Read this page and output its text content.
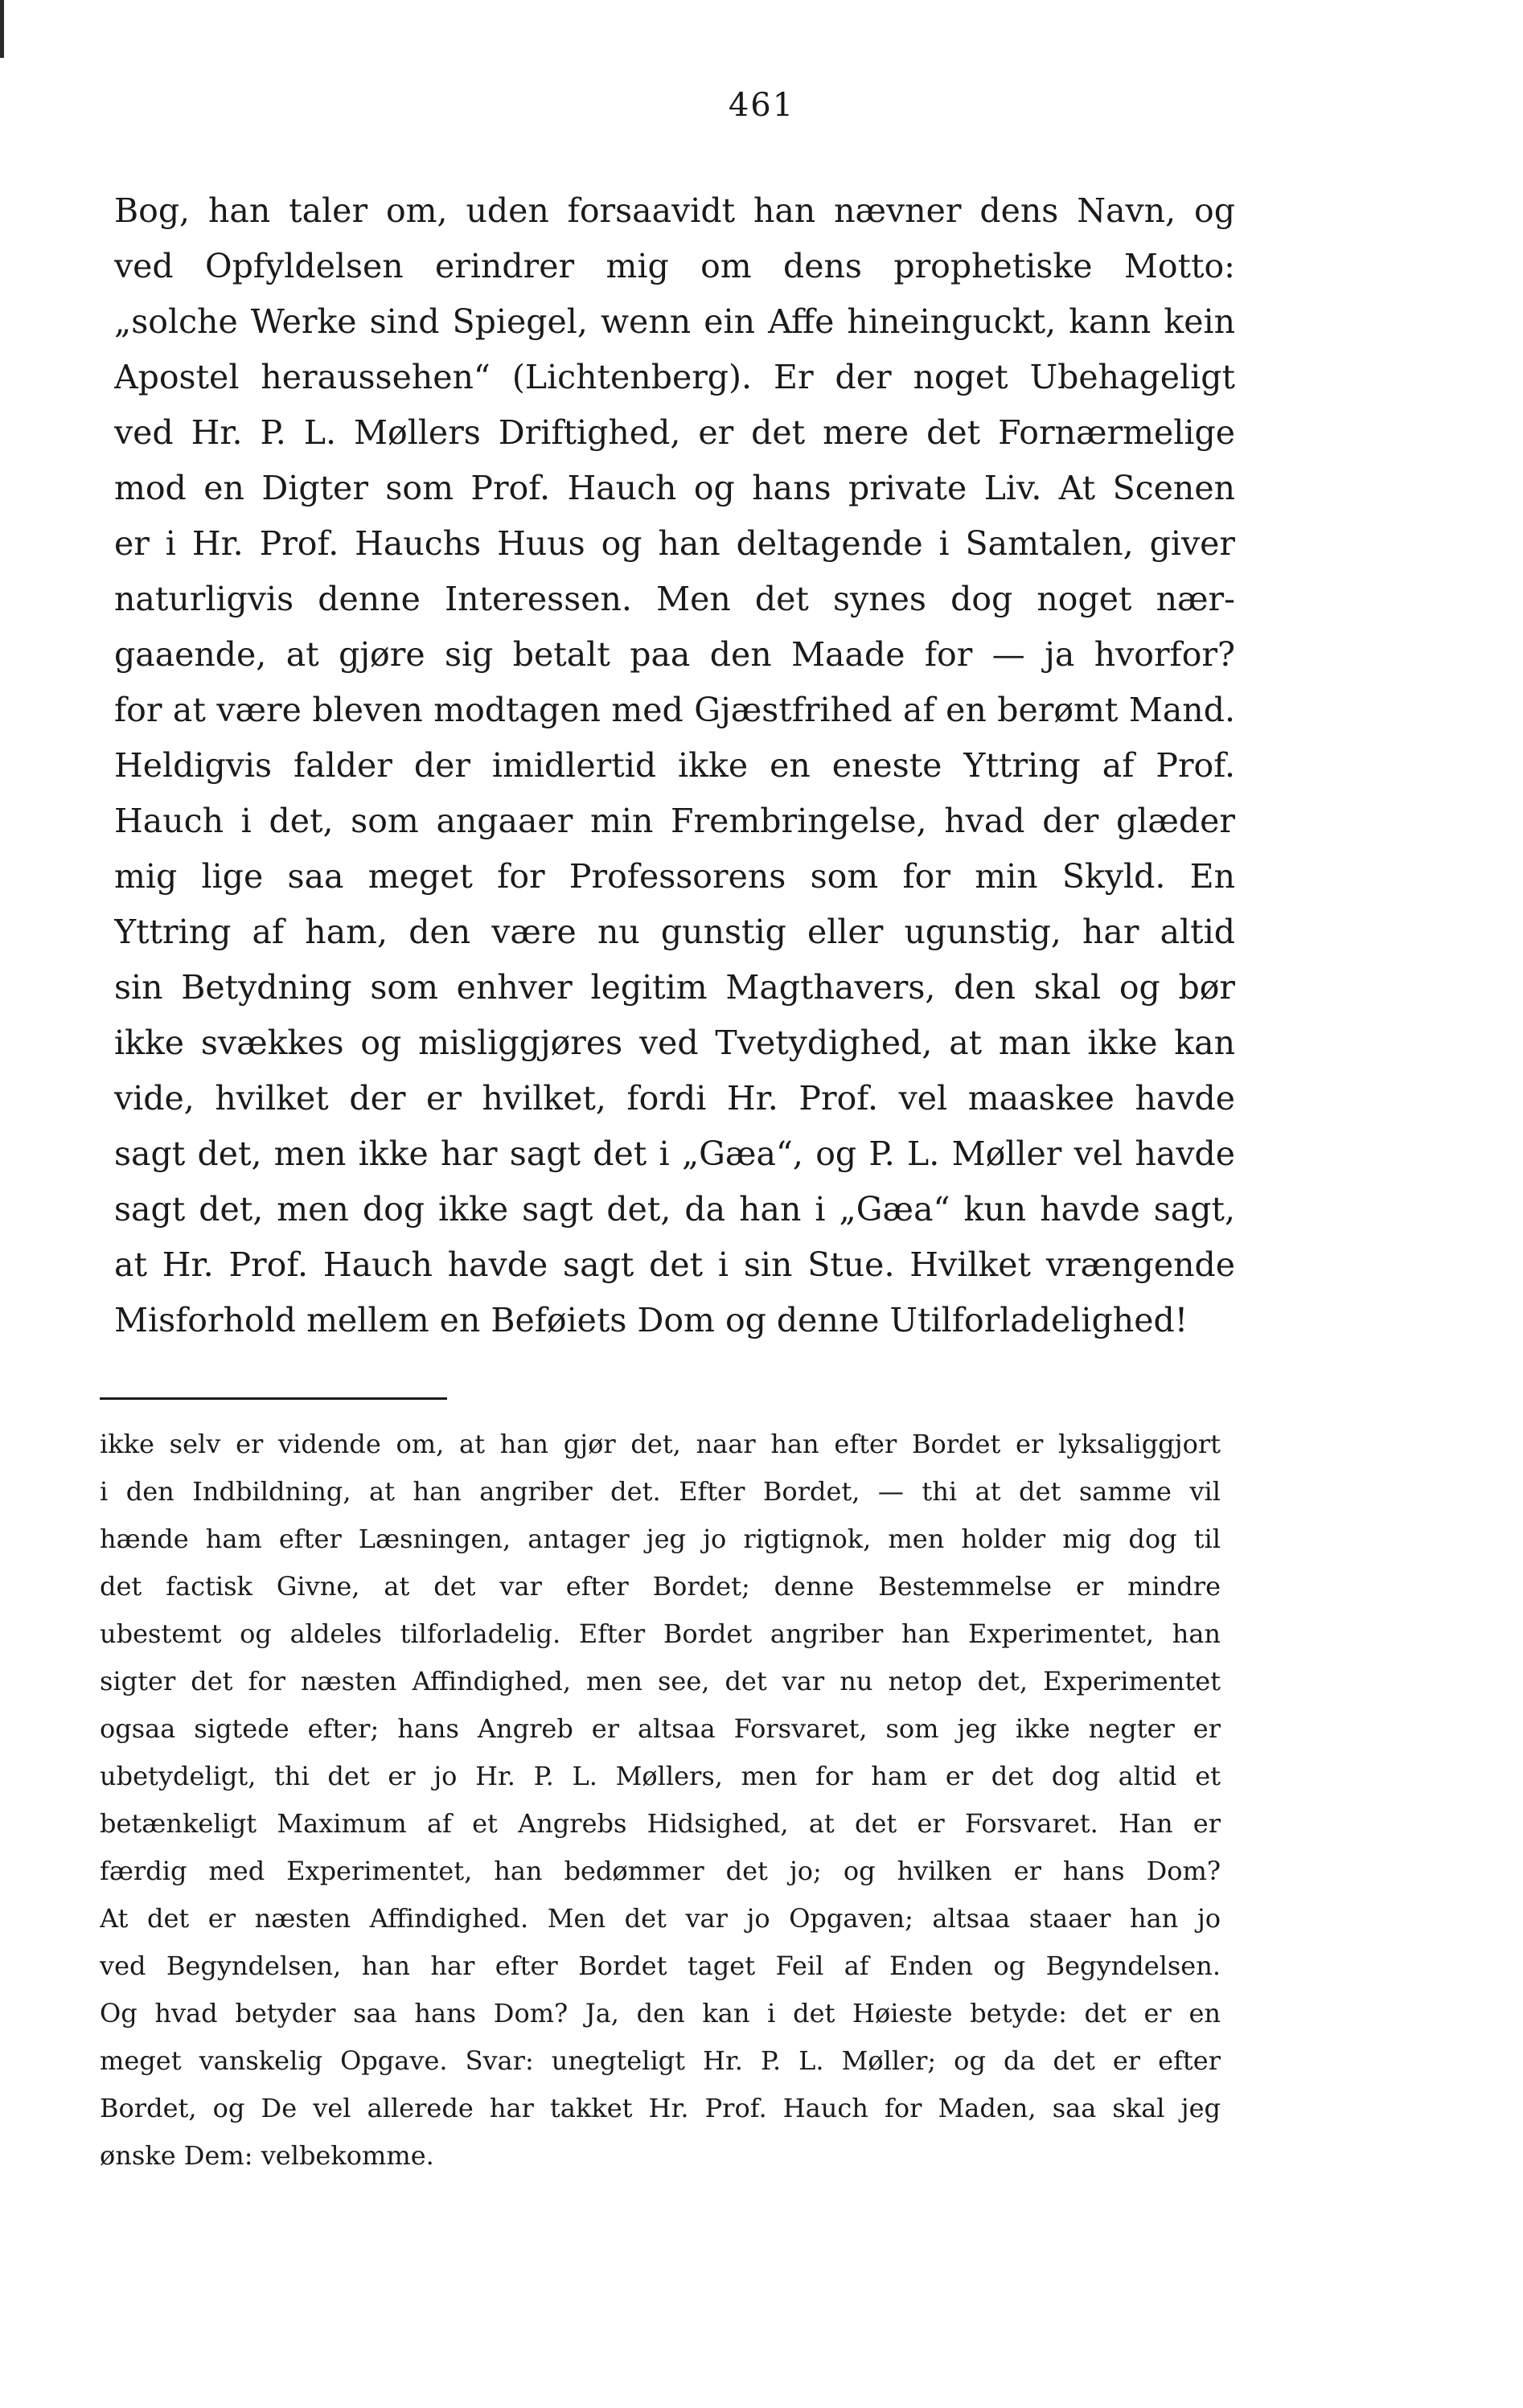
461
Bog, han taler om, uden forsaavidt han nævner dens Navn, og
ved Opfyldelsen erindrer mig om dens prophetiske Motto:
„solche Werke sind Spiegel, wenn ein Affe hineinguckt, kann kein
Apostel heraussehen“ (Lichtenberg). Er der noget Ubehageligt
ved Hr. P. L. Møllers Driftighed, er det mere det Fornærmelige
mod en Digter som Prof. Hauch og hans private Liv. At Scenen
er i Hr. Prof. Hauchs Huus og han deltagende i Samtalen, giver
naturligvis denne Interessen. Men det synes dog noget nær-
gaaende, at gjøre sig betalt paa den Maade for — ja hvorfor?
for at være bleven modtagen med Gjæstfrihed af en berømt Mand.
Heldigvis falder der imidlertid ikke en eneste Yttring af Prof.
Hauch i det, som angaaer min Frembringelse, hvad der glæder
mig lige saa meget for Professorens som for min Skyld. En
Yttring af ham, den være nu gunstig eller ugunstig, har altid
sin Betydning som enhver legitim Magthavers, den skal og bør
ikke svækkes og misliggjøres ved Tvetydighed, at man ikke kan
vide, hvilket der er hvilket, fordi Hr. Prof. vel maaskee havde
sagt det, men ikke har sagt det i „Gæa“, og P. L. Møller vel havde
sagt det, men dog ikke sagt det, da han i „Gæa“ kun havde sagt,
at Hr. Prof. Hauch havde sagt det i sin Stue. Hvilket vrængende
Misforhold mellem en Beføiets Dom og denne Utilforladelighed!
ikke selv er vidende om, at han gjør det, naar han efter Bordet er lyksaliggjort
i den Indbildning, at han angriber det. Efter Bordet, — thi at det samme vil
hænde ham efter Læsningen, antager jeg jo rigtignok, men holder mig dog til
det factisk Givne, at det var efter Bordet; denne Bestemmelse er mindre
ubestemt og aldeles tilforladelig. Efter Bordet angriber han Experimentet, han
sigter det for næsten Affindighed, men see, det var nu netop det, Experimentet
ogsaa sigtede efter; hans Angreb er altsaa Forsvaret, som jeg ikke negter er
ubetydeligt, thi det er jo Hr. P. L. Møllers, men for ham er det dog altid et
betænkeligt Maximum af et Angrebs Hidsighed, at det er Forsvaret. Han er
færdig med Experimentet, han bedømmer det jo; og hvilken er hans Dom?
At det er næsten Affindighed. Men det var jo Opgaven; altsaa staaer han jo
ved Begyndelsen, han har efter Bordet taget Feil af Enden og Begyndelsen.
Og hvad betyder saa hans Dom? Ja, den kan i det Høieste betyde: det er en
meget vanskelig Opgave. Svar: unegteligt Hr. P. L. Møller; og da det er efter
Bordet, og De vel allerede har takket Hr. Prof. Hauch for Maden, saa skal jeg
ønske Dem: velbekomme.
